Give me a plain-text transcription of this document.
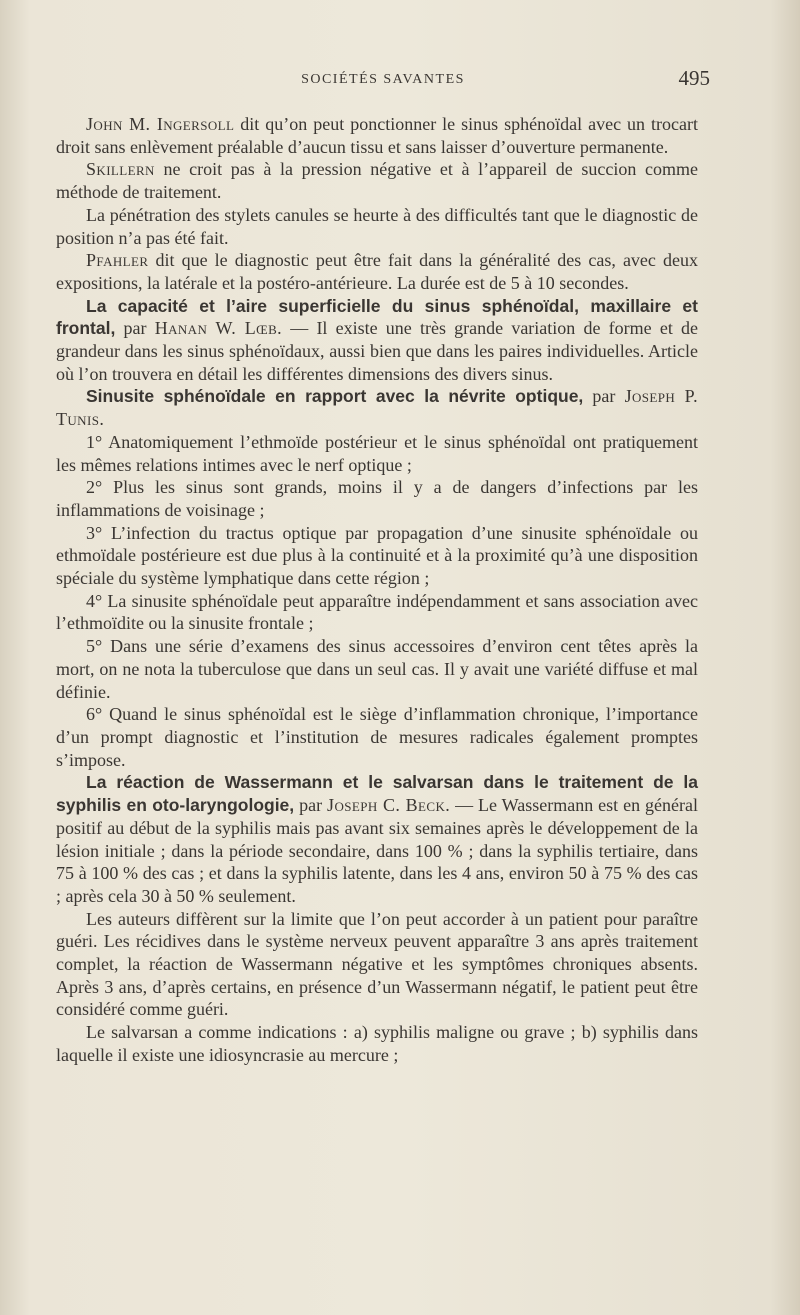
SOCIÉTÉS SAVANTES	495

John M. Ingersoll dit qu’on peut ponctionner le sinus sphénoïdal avec un trocart droit sans enlèvement préalable d’aucun tissu et sans laisser d’ouverture permanente.

Skillern ne croit pas à la pression négative et à l’appareil de succion comme méthode de traitement.

La pénétration des stylets canules se heurte à des difficultés tant que le diagnostic de position n’a pas été fait.

Pfahler dit que le diagnostic peut être fait dans la généralité des cas, avec deux expositions, la latérale et la postéro-antérieure. La durée est de 5 à 10 secondes.

La capacité et l’aire superficielle du sinus sphénoïdal, maxillaire et frontal, par Hanan W. Lœb. — Il existe une très grande variation de forme et de grandeur dans les sinus sphénoïdaux, aussi bien que dans les paires individuelles. Article où l’on trouvera en détail les différentes dimensions des divers sinus.

Sinusite sphénoïdale en rapport avec la névrite optique, par Joseph P. Tunis.

1° Anatomiquement l’ethmoïde postérieur et le sinus sphénoïdal ont pratiquement les mêmes relations intimes avec le nerf optique ;

2° Plus les sinus sont grands, moins il y a de dangers d’infections par les inflammations de voisinage ;

3° L’infection du tractus optique par propagation d’une sinusite sphénoïdale ou ethmoïdale postérieure est due plus à la continuité et à la proximité qu’à une disposition spéciale du système lymphatique dans cette région ;

4° La sinusite sphénoïdale peut apparaître indépendamment et sans association avec l’ethmoïdite ou la sinusite frontale ;

5° Dans une série d’examens des sinus accessoires d’environ cent têtes après la mort, on ne nota la tuberculose que dans un seul cas. Il y avait une variété diffuse et mal définie.

6° Quand le sinus sphénoïdal est le siège d’inflammation chronique, l’importance d’un prompt diagnostic et l’institution de mesures radicales également promptes s’impose.

La réaction de Wassermann et le salvarsan dans le traitement de la syphilis en oto-laryngologie, par Joseph C. Beck. — Le Wassermann est en général positif au début de la syphilis mais pas avant six semaines après le développement de la lésion initiale ; dans la période secondaire, dans 100 % ; dans la syphilis tertiaire, dans 75 à 100 % des cas ; et dans la syphilis latente, dans les 4 ans, environ 50 à 75 % des cas ; après cela 30 à 50 % seulement.

Les auteurs diffèrent sur la limite que l’on peut accorder à un patient pour paraître guéri. Les récidives dans le système nerveux peuvent apparaître 3 ans après traitement complet, la réaction de Wassermann négative et les symptômes chroniques absents. Après 3 ans, d’après certains, en présence d’un Wassermann négatif, le patient peut être considéré comme guéri.

Le salvarsan a comme indications : a) syphilis maligne ou grave ; b) syphilis dans laquelle il existe une idiosyncrasie au mercure ;
